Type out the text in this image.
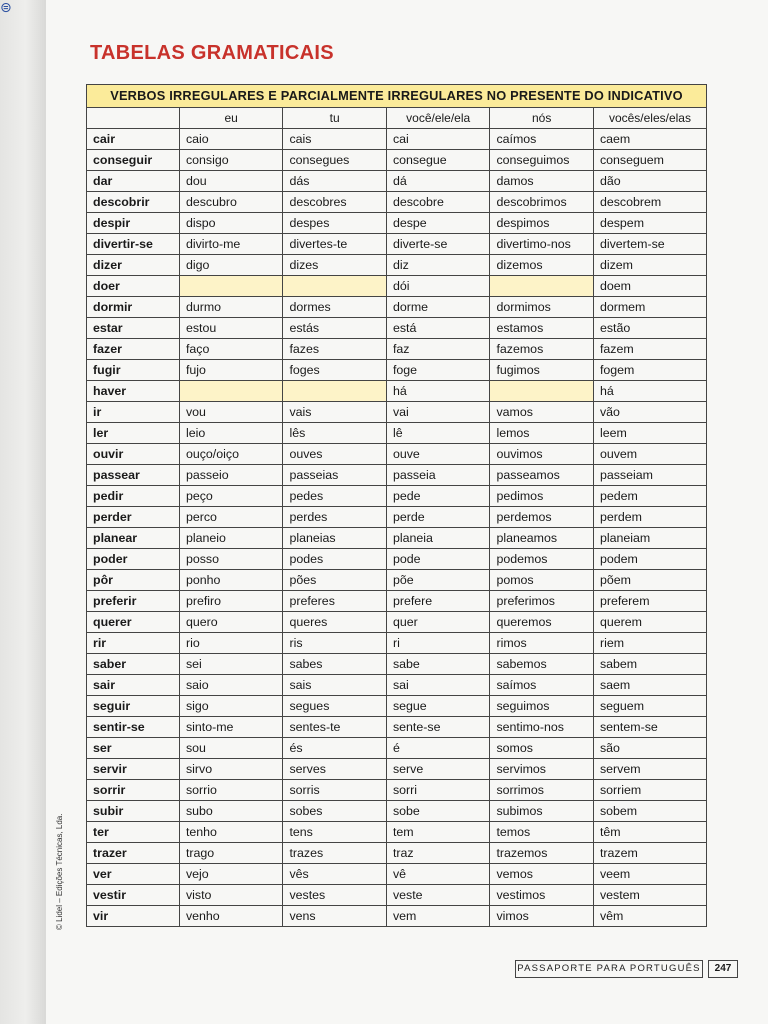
⊜
TABELAS GRAMATICAIS
VERBOS IRREGULARES E PARCIALMENTE IRREGULARES NO PRESENTE DO INDICATIVO					
	eu	tu	você/ele/ela	nós	vocês/eles/elas
cair	caio	cais	cai	caímos	caem
conseguir	consigo	consegues	consegue	conseguimos	conseguem
dar	dou	dás	dá	damos	dão
descobrir	descubro	descobres	descobre	descobrimos	descobrem
despir	dispo	despes	despe	despimos	despem
divertir-se	divirto-me	divertes-te	diverte-se	divertimo-nos	divertem-se
dizer	digo	dizes	diz	dizemos	dizem
doer			dói		doem
dormir	durmo	dormes	dorme	dormimos	dormem
estar	estou	estás	está	estamos	estão
fazer	faço	fazes	faz	fazemos	fazem
fugir	fujo	foges	foge	fugimos	fogem
haver			há		há
ir	vou	vais	vai	vamos	vão
ler	leio	lês	lê	lemos	leem
ouvir	ouço/oiço	ouves	ouve	ouvimos	ouvem
passear	passeio	passeias	passeia	passeamos	passeiam
pedir	peço	pedes	pede	pedimos	pedem
perder	perco	perdes	perde	perdemos	perdem
planear	planeio	planeias	planeia	planeamos	planeiam
poder	posso	podes	pode	podemos	podem
pôr	ponho	pões	põe	pomos	põem
preferir	prefiro	preferes	prefere	preferimos	preferem
querer	quero	queres	quer	queremos	querem
rir	rio	ris	ri	rimos	riem
saber	sei	sabes	sabe	sabemos	sabem
sair	saio	sais	sai	saímos	saem
seguir	sigo	segues	segue	seguimos	seguem
sentir-se	sinto-me	sentes-te	sente-se	sentimo-nos	sentem-se
ser	sou	és	é	somos	são
servir	sirvo	serves	serve	servimos	servem
sorrir	sorrio	sorris	sorri	sorrimos	sorriem
subir	subo	sobes	sobe	subimos	sobem
ter	tenho	tens	tem	temos	têm
trazer	trago	trazes	traz	trazemos	trazem
ver	vejo	vês	vê	vemos	veem
vestir	visto	vestes	veste	vestimos	vestem
vir	venho	vens	vem	vimos	vêm
© Lidel – Edições Técnicas, Lda.
PASSAPORTE PARA PORTUGUÊS	247
